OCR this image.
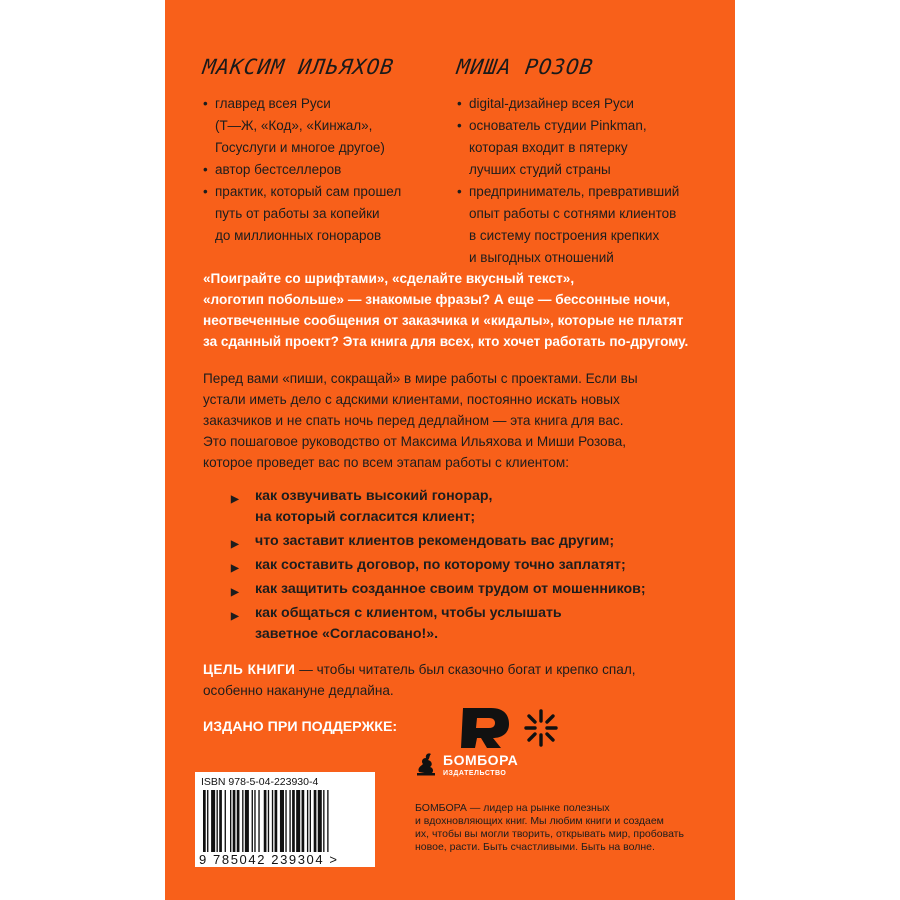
МАКСИМ ИЛЬЯХОВ
• главред всея Руси
(Т—Ж, «Код», «Кинжал»,
Госуслуги и многое другое)
• автор бестселлеров
• практик, который сам прошел
путь от работы за копейки
до миллионных гонораров
МИША РОЗОВ
• digital-дизайнер всея Руси
• основатель студии Pinkman,
которая входит в пятерку
лучших студий страны
• предприниматель, превративший
опыт работы с сотнями клиентов
в систему построения крепких
и выгодных отношений

«Поиграйте со шрифтами», «сделайте вкусный текст»,

«логотип побольше» — знакомые фразы? А еще — бессонные ночи,

неотвеченные сообщения от заказчика и «кидалы», которые не платят

за сданный проект? Эта книга для всех, кто хочет работать по-другому.

Перед вами «пиши, сокращай» в мире работы с проектами. Если вы

устали иметь дело с адскими клиентами, постоянно искать новых

заказчиков и не спать ночь перед дедлайном — эта книга для вас.

Это пошаговое руководство от Максима Ильяхова и Миши Розова,

которое проведет вас по всем этапам работы с клиентом:

▶ как озвучивать высокий гонорар,
на который согласится клиент;
▶ что заставит клиентов рекомендовать вас другим;
▶ как составить договор, по которому точно заплатят;
▶ как защитить созданное своим трудом от мошенников;
▶ как общаться с клиентом, чтобы услышать
заветное «Согласовано!».

ЦЕЛЬ КНИГИ — чтобы читатель был сказочно богат и крепко спал,

особенно накануне дедлайна.

ИЗДАНО ПРИ ПОДДЕРЖКЕ:
ISBN 978-5-04-223930-4
9 785042 239304 >
БОМБОРА
ИЗДАТЕЛЬСТВО

БОМБОРА — лидер на рынке полезных

и вдохновляющих книг. Мы любим книги и создаем

их, чтобы вы могли творить, открывать мир, пробовать

новое, расти. Быть счастливыми. Быть на волне.
